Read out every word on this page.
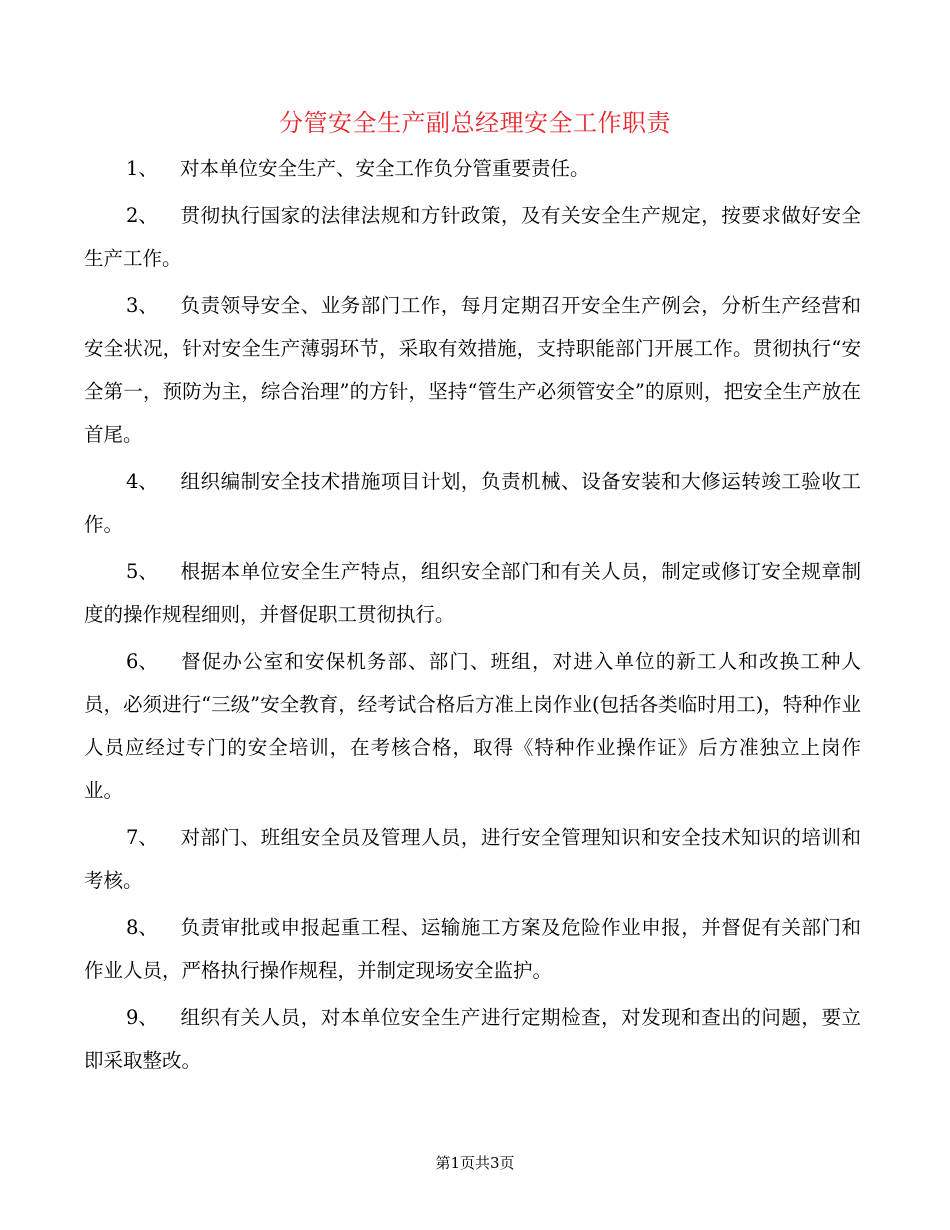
分管安全生产副总经理安全工作职责

1、 对本单位安全生产、安全工作负分管重要责任。

2、 贯彻执行国家的法律法规和方针政策，及有关安全生产规定，按要求做好安全生产工作。

3、 负责领导安全、业务部门工作，每月定期召开安全生产例会，分析生产经营和安全状况，针对安全生产薄弱环节，采取有效措施，支持职能部门开展工作。贯彻执行“安全第一，预防为主，综合治理”的方针，坚持“管生产必须管安全”的原则，把安全生产放在首尾。

4、 组织编制安全技术措施项目计划，负责机械、设备安装和大修运转竣工验收工作。

5、 根据本单位安全生产特点，组织安全部门和有关人员，制定或修订安全规章制度的操作规程细则，并督促职工贯彻执行。

6、 督促办公室和安保机务部、部门、班组，对进入单位的新工人和改换工种人员，必须进行“三级”安全教育，经考试合格后方准上岗作业(包括各类临时用工)，特种作业人员应经过专门的安全培训，在考核合格，取得《特种作业操作证》后方准独立上岗作业。

7、 对部门、班组安全员及管理人员，进行安全管理知识和安全技术知识的培训和考核。

8、 负责审批或申报起重工程、运输施工方案及危险作业申报，并督促有关部门和作业人员，严格执行操作规程，并制定现场安全监护。

9、 组织有关人员，对本单位安全生产进行定期检查，对发现和查出的问题，要立即采取整改。

第1页共3页
